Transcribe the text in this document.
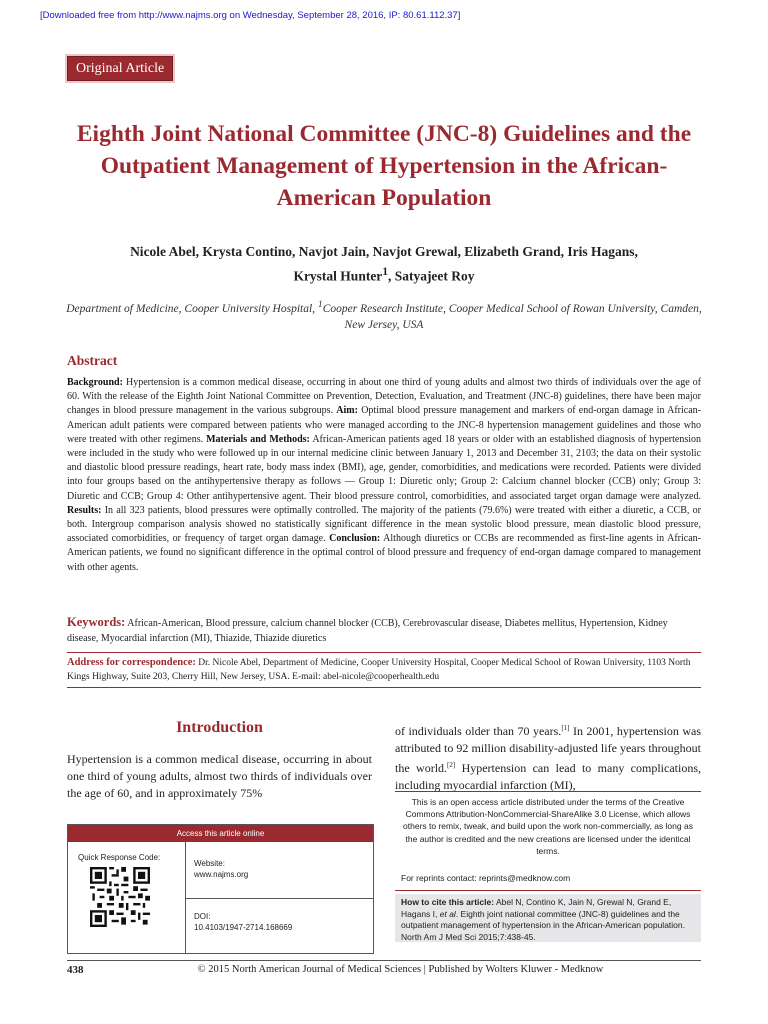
[Downloaded free from http://www.najms.org on Wednesday, September 28, 2016, IP: 80.61.112.37]
Original Article
Eighth Joint National Committee (JNC-8) Guidelines and the Outpatient Management of Hypertension in the African-American Population
Nicole Abel, Krysta Contino, Navjot Jain, Navjot Grewal, Elizabeth Grand, Iris Hagans,
Krystal Hunter$^1$, Satyajeet Roy
Department of Medicine, Cooper University Hospital, $^1$Cooper Research Institute, Cooper Medical School of Rowan University, Camden, New Jersey, USA
Abstract
Background: Hypertension is a common medical disease, occurring in about one third of young adults and almost two thirds of individuals over the age of 60. With the release of the Eighth Joint National Committee on Prevention, Detection, Evaluation, and Treatment (JNC-8) guidelines, there have been major changes in blood pressure management in the various subgroups. Aim: Optimal blood pressure management and markers of end-organ damage in African-American adult patients were compared between patients who were managed according to the JNC-8 hypertension management guidelines and those who were treated with other regimens. Materials and Methods: African-American patients aged 18 years or older with an established diagnosis of hypertension were included in the study who were followed up in our internal medicine clinic between January 1, 2013 and December 31, 2103; the data on their systolic and diastolic blood pressure readings, heart rate, body mass index (BMI), age, gender, comorbidities, and medications were recorded. Patients were divided into four groups based on the antihypertensive therapy as follows — Group 1: Diuretic only; Group 2: Calcium channel blocker (CCB) only; Group 3: Diuretic and CCB; Group 4: Other antihypertensive agent. Their blood pressure control, comorbidities, and associated target organ damage were analyzed. Results: In all 323 patients, blood pressures were optimally controlled. The majority of the patients (79.6%) were treated with either a diuretic, a CCB, or both. Intergroup comparison analysis showed no statistically significant difference in the mean systolic blood pressure, mean diastolic blood pressure, associated comorbidities, or frequency of target organ damage. Conclusion: Although diuretics or CCBs are recommended as first-line agents in African-American patients, we found no significant difference in the optimal control of blood pressure and frequency of end-organ damage compared to management with other agents.
Keywords: African-American, Blood pressure, calcium channel blocker (CCB), Cerebrovascular disease, Diabetes mellitus, Hypertension, Kidney disease, Myocardial infarction (MI), Thiazide, Thiazide diuretics
Address for correspondence: Dr. Nicole Abel, Department of Medicine, Cooper University Hospital, Cooper Medical School of Rowan University, 1103 North Kings Highway, Suite 203, Cherry Hill, New Jersey, USA. E-mail: abel-nicole@cooperhealth.edu
Introduction
Hypertension is a common medical disease, occurring in about one third of young adults, almost two thirds of individuals over the age of 60, and in approximately 75%
of individuals older than 70 years.[1] In 2001, hypertension was attributed to 92 million disability-adjusted life years throughout the world.[2] Hypertension can lead to many complications, including myocardial infarction (MI),
Access this article online
Quick Response Code:
Website:
www.najms.org
DOI:
10.4103/1947-2714.168669
This is an open access article distributed under the terms of the Creative Commons Attribution-NonCommercial-ShareAlike 3.0 License, which allows others to remix, tweak, and build upon the work non-commercially, as long as the author is credited and the new creations are licensed under the identical terms.
For reprints contact: reprints@medknow.com
How to cite this article: Abel N, Contino K, Jain N, Grewal N, Grand E, Hagans I, et al. Eighth joint national committee (JNC-8) guidelines and the outpatient management of hypertension in the African-American population. North Am J Med Sci 2015;7:438-45.
438	© 2015 North American Journal of Medical Sciences | Published by Wolters Kluwer - Medknow
